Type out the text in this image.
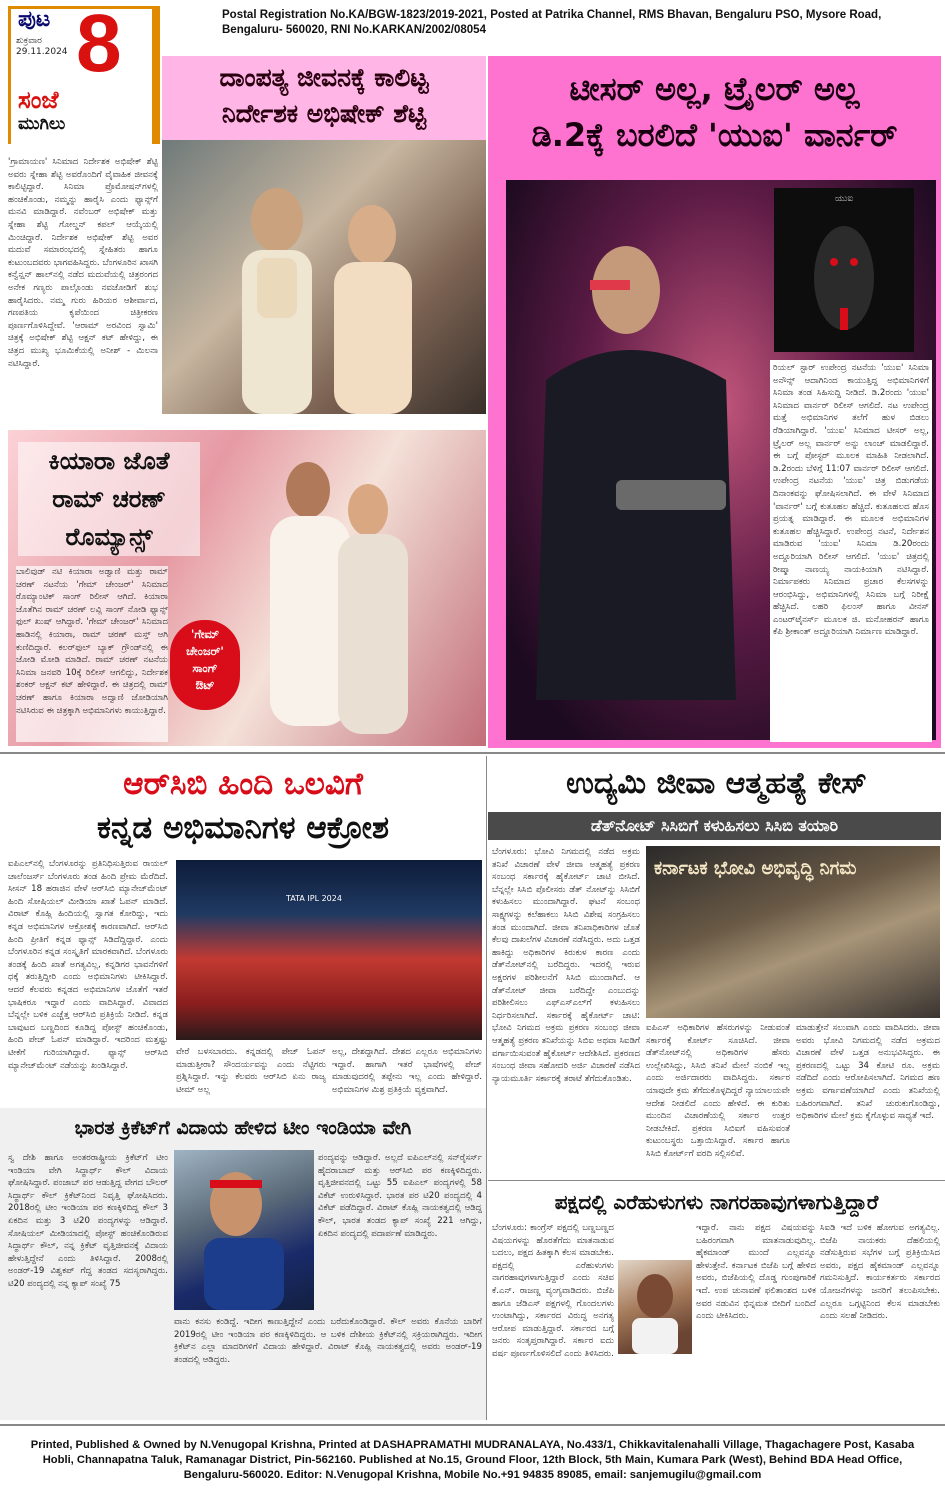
ಪುಟ
ಶುಕ್ರವಾರ
29.11.2024 8
ಸಂಜೆ
ಮುಗಿಲು
Postal Registration No.KA/BGW-1823/2019-2021, Posted at Patrika Channel, RMS Bhavan, Bengaluru PSO, Mysore Road, Bengaluru- 560020, RNI No.KARKAN/2002/08054
ದಾಂಪತ್ಯ ಜೀವನಕ್ಕೆ ಕಾಲಿಟ್ಟ
ನಿರ್ದೇಶಕ ಅಭಿಷೇಕ್ ಶೆಟ್ಟಿ
'ಗ್ರಾಮಾಯಣ' ಸಿನಿಮಾದ ನಿರ್ದೇಶಕ ಅಭಿಷೇಕ್ ಶೆಟ್ಟಿ ಅವರು ಸ್ನೇಹಾ ಶೆಟ್ಟಿ ಅವರೊಂದಿಗೆ ವೈವಾಹಿಕ ಜೀವನಕ್ಕೆ ಕಾಲಿಟ್ಟಿದ್ದಾರೆ. ಸಿನಿಮಾ ಪ್ರೊಮೋಷನ್‌ಗಳಲ್ಲಿ ಹಂಚಿಕೊಂಡು, ನಮ್ಮನ್ನು ಹಾರೈಸಿ ಎಂದು ಫ್ಯಾನ್ಸ್‌ಗೆ ಮನವಿ ಮಾಡಿದ್ದಾರೆ. ನವೆಂಬರ್ ಅಭಿಷೇಕ್ ಮತ್ತು ಸ್ನೇಹಾ ಶೆಟ್ಟಿ ಗೋಲ್ಡನ್ ಕಪಲ್ ಆಯ್ಕೆಯಲ್ಲಿ ಮಿಂಚಿದ್ದಾರೆ. ನಿರ್ದೇಶಕ ಅಭಿಷೇಕ್ ಶೆಟ್ಟಿ ಅವರ ಮದುವೆ ಸಮಾರಂಭದಲ್ಲಿ ಸ್ನೇಹಿತರು ಹಾಗೂ ಕುಟುಂಬದವರು ಭಾಗವಹಿಸಿದ್ದರು. ಬೆಂಗಳೂರಿನ ಖಾಸಗಿ ಕನ್ವೆನ್ಷನ್ ಹಾಲ್‌ನಲ್ಲಿ ನಡೆದ ಮದುವೆಯಲ್ಲಿ ಚಿತ್ರರಂಗದ ಅನೇಕ ಗಣ್ಯರು ಪಾಲ್ಗೊಂಡು ನವಜೋಡಿಗೆ ಶುಭ ಹಾರೈಸಿದರು. ನಮ್ಮ ಗುರು ಹಿರಿಯರ ಆಶೀರ್ವಾದ, ಗಣಪತಿಯ ಕೃಪೆಯಿಂದ ಚಿತ್ರೀಕರಣ ಪೂರ್ಣಗೊಳಿಸಿದ್ದೇವೆ. 'ಆರಾಮ್ ಅರವಿಂದ ಸ್ವಾಮಿ' ಚಿತ್ರಕ್ಕೆ ಅಭಿಷೇಕ್ ಶೆಟ್ಟಿ ಆಕ್ಷನ್ ಕಟ್ ಹೇಳಿದ್ದು, ಈ ಚಿತ್ರದ ಮುಖ್ಯ ಭೂಮಿಕೆಯಲ್ಲಿ ಅನೀಶ್ - ಮಿಲನಾ ನಟಿಸಿದ್ದಾರೆ.
ಕಿಯಾರಾ ಜೊತೆ
ರಾಮ್ ಚರಣ್
ರೊಮ್ಯಾನ್ಸ್
'ಗೇಮ್
ಚೇಂಜರ್'
ಸಾಂಗ್
ಔಟ್
ಬಾಲಿವುಡ್ ನಟಿ ಕಿಯಾರಾ ಅಡ್ವಾಣಿ ಮತ್ತು ರಾಮ್ ಚರಣ್ ನಟನೆಯ 'ಗೇಮ್ ಚೇಂಜರ್' ಸಿನಿಮಾದ ರೊಮ್ಯಾಂಟಿಕ್ ಸಾಂಗ್ ರಿಲೀಸ್ ಆಗಿದೆ. ಕಿಯಾರಾ ಜೊತೆಗಿನ ರಾಮ್ ಚರಣ್ ಲವ್ಲಿ ಸಾಂಗ್ ನೋಡಿ ಫ್ಯಾನ್ಸ್ ಫುಲ್ ಖುಷ್ ಆಗಿದ್ದಾರೆ. 'ಗೇಮ್ ಚೇಂಜರ್' ಸಿನಿಮಾದ ಹಾಡಿನಲ್ಲಿ ಕಿಯಾರಾ, ರಾಮ್ ಚರಣ್ ಮಸ್ತ್ ಆಗಿ ಕುಣಿದಿದ್ದಾರೆ. ಕಲರ್‌ಫುಲ್ ಬ್ಯಾಕ್ ಗ್ರೌಂಡ್‌ನಲ್ಲಿ ಈ ಜೋಡಿ ಮೋಡಿ ಮಾಡಿದೆ. ರಾಮ್ ಚರಣ್ ನಟನೆಯ ಸಿನಿಮಾ ಜನವರಿ 10ಕ್ಕೆ ರಿಲೀಸ್ ಆಗಲಿದ್ದು, ನಿರ್ದೇಶಕ ಶಂಕರ್ ಆಕ್ಷನ್ ಕಟ್ ಹೇಳಿದ್ದಾರೆ. ಈ ಚಿತ್ರದಲ್ಲಿ ರಾಮ್ ಚರಣ್ ಹಾಗೂ ಕಿಯಾರಾ ಅದ್ವಾಣಿ ಜೋಡಿಯಾಗಿ ನಟಿಸಿರುವ ಈ ಚಿತ್ರಕ್ಕಾಗಿ ಅಭಿಮಾನಿಗಳು ಕಾಯುತ್ತಿದ್ದಾರೆ.
ಟೀಸರ್ ಅಲ್ಲ, ಟ್ರೈಲರ್ ಅಲ್ಲ
ಡಿ.2ಕ್ಕೆ ಬರಲಿದೆ 'ಯುಐ' ವಾರ್ನರ್
ಯುಐ
ರಿಯಲ್ ಸ್ಟಾರ್ ಉಪೇಂದ್ರ ನಟನೆಯ 'ಯುಐ' ಸಿನಿಮಾ ಅನೌನ್ಸ್ ಆದಾಗಿನಿಂದ ಕಾಯುತ್ತಿದ್ದ ಅಭಿಮಾನಿಗಳಿಗೆ ಸಿನಿಮಾ ತಂಡ ಸಿಹಿಸುದ್ದಿ ನೀಡಿದೆ. ಡಿ.2ರಂದು 'ಯುಐ' ಸಿನಿಮಾದ ವಾರ್ನರ್ ರಿಲೀಸ್ ಆಗಲಿದೆ. ನಟ ಉಪೇಂದ್ರ ಮತ್ತೆ ಅಭಿಮಾನಿಗಳ ತಲೆಗೆ ಹುಳ ಬಿಡಲು ರೆಡಿಯಾಗಿದ್ದಾರೆ. 'ಯುಐ' ಸಿನಿಮಾದ ಟೀಸರ್ ಅಲ್ಲ, ಟ್ರೈಲರ್ ಅಲ್ಲ ವಾರ್ನರ್ ಅನ್ನು ಲಾಂಚ್ ಮಾಡಲಿದ್ದಾರೆ. ಈ ಬಗ್ಗೆ ಪೋಸ್ಟರ್ ಮೂಲಕ ಮಾಹಿತಿ ನೀಡಲಾಗಿದೆ. ಡಿ.2ರಂದು ಬೆಳಿಗ್ಗೆ 11:07 ವಾರ್ನರ್ ರಿಲೀಸ್ ಆಗಲಿದೆ. ಉಪೇಂದ್ರ ನಟನೆಯ 'ಯುಐ' ಚಿತ್ರ ಬಿಡುಗಡೆಯ ದಿನಾಂಕವನ್ನು ಘೋಷಿಸಲಾಗಿದೆ. ಈ ವೇಳೆ ಸಿನಿಮಾದ 'ವಾರ್ನರ್' ಬಗ್ಗೆ ಕುತೂಹಲ ಹೆಚ್ಚಿದೆ. ಕುತೂಹಲದ ಹೊಸ ಪ್ರಯತ್ನ ಮಾಡಿದ್ದಾರೆ. ಈ ಮೂಲಕ ಅಭಿಮಾನಿಗಳ ಕುತೂಹಲ ಹೆಚ್ಚಿಸಿದ್ದಾರೆ. ಉಪೇಂದ್ರ ನಟನೆ, ನಿರ್ದೇಶನ ಮಾಡಿರುವ 'ಯುಐ' ಸಿನಿಮಾ ಡಿ.20ರಂದು ಅದ್ದೂರಿಯಾಗಿ ರಿಲೀಸ್ ಆಗಲಿದೆ. 'ಯುಐ' ಚಿತ್ರದಲ್ಲಿ ರೀಷ್ಮಾ ನಾಣಯ್ಯ ನಾಯಕಿಯಾಗಿ ನಟಿಸಿದ್ದಾರೆ. ನಿರ್ಮಾಪಕರು ಸಿನಿಮಾದ ಪ್ರಚಾರ ಕೆಲಸಗಳನ್ನು ಆರಂಭಿಸಿದ್ದು, ಅಭಿಮಾನಿಗಳಲ್ಲಿ ಸಿನಿಮಾ ಬಗ್ಗೆ ನಿರೀಕ್ಷೆ ಹೆಚ್ಚಿಸಿದೆ. ಲಹರಿ ಫಿಲಂಸ್ ಹಾಗೂ ವೀನಸ್ ಎಂಟರ್‌ಟೈನರ್ಸ್ ಮೂಲಕ ಜಿ. ಮನೋಹರನ್ ಹಾಗೂ ಕೆಪಿ ಶ್ರೀಕಾಂತ್ ಅದ್ದೂರಿಯಾಗಿ ನಿರ್ಮಾಣ ಮಾಡಿದ್ದಾರೆ.
ಆರ್‌ಸಿಬಿ ಹಿಂದಿ ಒಲವಿಗೆ
ಕನ್ನಡ ಅಭಿಮಾನಿಗಳ ಆಕ್ರೋಶ
ಐಪಿಎಲ್‌ನಲ್ಲಿ ಬೆಂಗಳೂರನ್ನು ಪ್ರತಿನಿಧಿಸುತ್ತಿರುವ ರಾಯಲ್ ಚಾಲೆಂಜರ್ಸ್ ಬೆಂಗಳೂರು ತಂಡ ಹಿಂದಿ ಪ್ರೇಮ ಮೆರೆದಿದೆ. ಸೀಸನ್ 18 ಹರಾಜಿನ ವೇಳೆ ಆರ್‌ಸಿಬಿ ಮ್ಯಾನೇಜ್‌ಮೆಂಟ್ ಹಿಂದಿ ಸೋಷಿಯಲ್ ಮೀಡಿಯಾ ಖಾತೆ ಓಪನ್ ಮಾಡಿದೆ. ವಿರಾಟ್ ಕೊಹ್ಲಿ ಹಿಂದಿಯಲ್ಲಿ ಸ್ವಾಗತ ಕೋರಿದ್ದು, ಇದು ಕನ್ನಡ ಅಭಿಮಾನಿಗಳ ಆಕ್ರೋಶಕ್ಕೆ ಕಾರಣವಾಗಿದೆ. ಆರ್‌ಸಿಬಿ ಹಿಂದಿ ಪ್ರೀತಿಗೆ ಕನ್ನಡ ಫ್ಯಾನ್ಸ್ ಸಿಡಿದೆದ್ದಿದ್ದಾರೆ. ಎಂದು ಬೆಂಗಳೂರಿನ ಕನ್ನಡ ಸಂಸ್ಕೃತಿಗೆ ಮಾರಕವಾಗಿದೆ. ಬೆಂಗಳೂರು ತಂಡಕ್ಕೆ ಹಿಂದಿ ಖಾತೆ ಅಗತ್ಯವಿಲ್ಲ, ಕನ್ನಡಿಗರ ಭಾವನೆಗಳಿಗೆ ಧಕ್ಕೆ ತರುತ್ತಿದ್ದೀರಿ ಎಂದು ಅಭಿಮಾನಿಗಳು ಟೀಕಿಸಿದ್ದಾರೆ. ಆದರೆ ಕೆಲವರು ಕನ್ನಡದ ಅಭಿಮಾನಿಗಳ ಜೊತೆಗೆ ಇತರೆ ಭಾಷಿಕರೂ ಇದ್ದಾರೆ ಎಂದು ವಾದಿಸಿದ್ದಾರೆ. ವಿವಾದದ ಬೆನ್ನಲ್ಲೇ ಬಳಿಕ ಎಚ್ಚೆತ್ತ ಆರ್‌ಸಿಬಿ ಪ್ರತಿಕ್ರಿಯೆ ನೀಡಿದೆ. ಕನ್ನಡ ಬಾವುಟದ ಬಣ್ಣದಿಂದ ಕೂಡಿದ್ದ ಪೋಸ್ಟ್ ಹಂಚಿಕೊಂಡು, ಹಿಂದಿ ಪೇಜ್ ಓಪನ್ ಮಾಡಿದ್ದಾರೆ. ಇದರಿಂದ ಮತ್ತಷ್ಟು ಟೀಕೆಗೆ ಗುರಿಯಾಗಿದ್ದಾರೆ. ಫ್ಯಾನ್ಸ್ ಆರ್‌ಸಿಬಿ ಮ್ಯಾನೇಜ್‌ಮೆಂಟ್ ನಡೆಯನ್ನು ಖಂಡಿಸಿದ್ದಾರೆ.
TATA IPL 2024
ವೇರೆ ಬಳಸಬಾರದು. ಕನ್ನಡದಲ್ಲಿ ಪೇಜ್ ಓಪನ್ ಮಾಡುತ್ತೀರಾ? ಸೌಂದರ್ಯವನ್ನು ಎಂದು ನೆಟ್ಟಿಗರು ಪ್ರಶ್ನಿಸಿದ್ದಾರೆ. ಇನ್ನು ಕೆಲವರು ಆರ್‌ಸಿಬಿ ಏನು ರಾಜ್ಯ ಟೀಮ್ ಅಲ್ಲ
ಅಲ್ಲ, ದೇಶದ್ದಾಗಿದೆ. ದೇಶದ ಎಲ್ಲರೂ ಅಭಿಮಾನಿಗಳು ಇದ್ದಾರೆ. ಹಾಗಾಗಿ ಇತರೆ ಭಾಷೆಗಳಲ್ಲಿ ಪೇಜ್ ಮಾಡುವುದರಲ್ಲಿ ತಪ್ಪೇನು ಇಲ್ಲ ಎಂದು ಹೇಳಿದ್ದಾರೆ. ಅಭಿಮಾನಿಗಳ ಮಿಶ್ರ ಪ್ರತಿಕ್ರಿಯೆ ವ್ಯಕ್ತವಾಗಿದೆ.
ಉದ್ಯಮಿ ಜೀವಾ ಆತ್ಮಹತ್ಯೆ ಕೇಸ್
ಡೆತ್‌ನೋಟ್ ಸಿಸಿಬಿಗೆ ಕಳುಹಿಸಲು ಸಿಸಿಬಿ ತಯಾರಿ
ಬೆಂಗಳೂರು: ಭೋವಿ ನಿಗಮದಲ್ಲಿ ನಡೆದ ಅಕ್ರಮ ತನಿಖೆ ವಿಚಾರಣೆ ವೇಳೆ ಜೀವಾ ಆತ್ಮಹತ್ಯೆ ಪ್ರಕರಣ ಸಂಬಂಧ ಸರ್ಕಾರಕ್ಕೆ ಹೈಕೋರ್ಟ್ ಚಾಟಿ ಬೀಸಿದೆ. ಬೆನ್ನಲ್ಲೇ ಸಿಸಿಬಿ ಪೊಲೀಸರು ಡೆತ್ ನೋಟ್‌ನ್ನು ಸಿಸಿಬಿಗೆ ಕಳುಹಿಸಲು ಮುಂದಾಗಿದ್ದಾರೆ. ಘಟನೆ ಸಂಬಂಧ ಸಾಕ್ಷ್ಯಗಳನ್ನು ಕಲೆಹಾಕಲು ಸಿಸಿಬಿ ವಿಶೇಷ ಸಂಗ್ರಹಿಸಲು ತಂಡ ಮುಂದಾಗಿದೆ. ಜೀವಾ ತನಿಖಾಧಿಕಾರಿಗಳ ಜೊತೆ ಕೆಲವು ದಾಖಲೆಗಳ ವಿಚಾರಣೆ ನಡೆಸಿದ್ದರು. ಅದು ಒತ್ತಡ ಹಾಕಿದ್ದು ಅಧಿಕಾರಿಗಳ ಕಿರುಕುಳ ಕಾರಣ ಎಂದು ಡೆತ್‌ನೋಟ್‌ನಲ್ಲಿ ಬರೆದಿದ್ದರು. ಇದರಲ್ಲಿ ಇರುವ ಅಕ್ಷರಗಳ ಪರಿಶೀಲನೆಗೆ ಸಿಸಿಬಿ ಮುಂದಾಗಿದೆ. ಆ ಡೆತ್‌ನೋಟ್ ಜೀವಾ ಬರೆದಿದ್ದೇ ಎಂಬುದನ್ನು ಪರಿಶೀಲಿಸಲು ಎಫ್‌ಎಸ್‌ಎಲ್‌ಗೆ ಕಳುಹಿಸಲು ನಿರ್ಧರಿಸಲಾಗಿದೆ. ಸರ್ಕಾರಕ್ಕೆ ಹೈಕೋರ್ಟ್ ಚಾಟಿ: ಭೋವಿ ನಿಗಮದ ಅಕ್ರಮ ಪ್ರಕರಣ ಸಂಬಂಧ ಜೀವಾ ಆತ್ಮಹತ್ಯೆ ಪ್ರಕರಣ ತನಿಖೆಯನ್ನು ಸಿಬಿಐ ಅಥವಾ ಸಿಐಡಿಗೆ ವರ್ಗಾಯಿಸುವಂತೆ ಹೈಕೋರ್ಟ್ ಆದೇಶಿಸಿದೆ. ಪ್ರಕರಣದ ಸಂಬಂಧ ಜೀವಾ ಸಹೋದರಿ ಅರ್ಜಿ ವಿಚಾರಣೆ ನಡೆಸಿದ ನ್ಯಾಯಮೂರ್ತಿ ಸರ್ಕಾರಕ್ಕೆ ತರಾಟೆ ತೆಗೆದುಕೊಂಡಿತು.
ಕರ್ನಾಟಕ ಭೋವಿ ಅಭಿವೃದ್ಧಿ ನಿಗಮ
ಐಪಿಎಸ್ ಅಧಿಕಾರಿಗಳ ಹೆಸರುಗಳನ್ನು ನೀಡುವಂತೆ ಸರ್ಕಾರಕ್ಕೆ ಕೋರ್ಟ್ ಸೂಚಿಸಿದೆ. ಜೀವಾ ಡೆತ್‌ನೋಟ್‌ನಲ್ಲಿ ಅಧಿಕಾರಿಗಳ ಹೆಸರು ಉಲ್ಲೇಖಿಸಿದ್ದು, ಸಿಸಿಬಿ ತನಿಖೆ ಮೇಲೆ ನಂಬಿಕೆ ಇಲ್ಲ ಎಂದು ಅರ್ಜಿದಾರರು ವಾದಿಸಿದ್ದರು. ಸರ್ಕಾರ ಯಾವುದೇ ಕ್ರಮ ತೆಗೆದುಕೊಳ್ಳದಿದ್ದರೆ ನ್ಯಾಯಾಲಯವೇ ಆದೇಶ ನೀಡಲಿದೆ ಎಂದು ಹೇಳಿದೆ. ಈ ಕುರಿತು ಮುಂದಿನ ವಿಚಾರಣೆಯಲ್ಲಿ ಸರ್ಕಾರ ಉತ್ತರ ನೀಡಬೇಕಿದೆ. ಪ್ರಕರಣ ಸಿಬಿಐಗೆ ವಹಿಸುವಂತೆ ಕುಟುಂಬಸ್ಥರು ಒತ್ತಾಯಿಸಿದ್ದಾರೆ. ಸರ್ಕಾರ ಹಾಗೂ ಸಿಸಿಬಿ ಕೋರ್ಟ್‌ಗೆ ವರದಿ ಸಲ್ಲಿಸಲಿವೆ.
ಮಾಡುತ್ತೇನೆ ಸಲುವಾಗಿ ಎಂದು ವಾದಿಸಿದರು. ಜೀವಾ ಅವರು ಭೋವಿ ನಿಗಮದಲ್ಲಿ ನಡೆದ ಅಕ್ರಮದ ವಿಚಾರಣೆ ವೇಳೆ ಒತ್ತಡ ಅನುಭವಿಸಿದ್ದರು. ಈ ಪ್ರಕರಣದಲ್ಲಿ ಒಟ್ಟು 34 ಕೋಟಿ ರೂ. ಅಕ್ರಮ ನಡೆದಿದೆ ಎಂದು ಆರೋಪಿಸಲಾಗಿದೆ. ನಿಗಮದ ಹಣ ಅಕ್ರಮ ವರ್ಗಾವಣೆಯಾಗಿದೆ ಎಂದು ತನಿಖೆಯಲ್ಲಿ ಬಹಿರಂಗವಾಗಿದೆ. ತನಿಖೆ ಚುರುಕುಗೊಂಡಿದ್ದು, ಅಧಿಕಾರಿಗಳ ಮೇಲೆ ಕ್ರಮ ಕೈಗೊಳ್ಳುವ ಸಾಧ್ಯತೆ ಇದೆ.
ಭಾರತ ಕ್ರಿಕೆಟ್‌ಗೆ ವಿದಾಯ ಹೇಳಿದ ಟೀಂ ಇಂಡಿಯಾ ವೇಗಿ
ಸ್ವ ದೇಶಿ ಹಾಗೂ ಅಂತರರಾಷ್ಟ್ರೀಯ ಕ್ರಿಕೆಟ್‌ಗೆ ಟೀಂ ಇಂಡಿಯಾ ವೇಗಿ ಸಿದ್ಧಾರ್ಥ್ ಕೌಲ್ ವಿದಾಯ ಘೋಷಿಸಿದ್ದಾರೆ. ಪಂಜಾಬ್ ಪರ ಆಡುತ್ತಿದ್ದ ವೇಗದ ಬೌಲರ್ ಸಿದ್ಧಾರ್ಥ್ ಕೌಲ್ ಕ್ರಿಕೆಟ್‌ನಿಂದ ನಿವೃತ್ತಿ ಘೋಷಿಸಿದರು. 2018ರಲ್ಲಿ ಟೀಂ ಇಂಡಿಯಾ ಪರ ಕಣಕ್ಕಿಳಿದಿದ್ದ ಕೌಲ್ 3 ಏಕದಿನ ಮತ್ತು 3 ಟಿ20 ಪಂದ್ಯಗಳನ್ನು ಆಡಿದ್ದಾರೆ. ಸೋಷಿಯಲ್ ಮೀಡಿಯಾದಲ್ಲಿ ಪೋಸ್ಟ್ ಹಂಚಿಕೊಂಡಿರುವ ಸಿದ್ಧಾರ್ಥ್ ಕೌಲ್, ನನ್ನ ಕ್ರಿಕೆಟ್ ವೃತ್ತಿಜೀವನಕ್ಕೆ ವಿದಾಯ ಹೇಳುತ್ತಿದ್ದೇನೆ ಎಂದು ತಿಳಿಸಿದ್ದಾರೆ. 2008ರಲ್ಲಿ ಅಂಡರ್-19 ವಿಶ್ವಕಪ್ ಗೆದ್ದ ತಂಡದ ಸದಸ್ಯರಾಗಿದ್ದರು. ಟಿ20 ಪಂದ್ಯದಲ್ಲಿ ನನ್ನ ಕ್ಯಾಪ್ ಸಂಖ್ಯೆ 75
ಪಂದ್ಯವನ್ನು ಆಡಿದ್ದಾರೆ. ಅಲ್ಲದೆ ಐಪಿಎಲ್‌ನಲ್ಲಿ ಸನ್‌ರೈಸರ್ಸ್ ಹೈದರಾಬಾದ್ ಮತ್ತು ಆರ್‌ಸಿಬಿ ಪರ ಕಣಕ್ಕಿಳಿದಿದ್ದರು. ವೃತ್ತಿಜೀವನದಲ್ಲಿ ಒಟ್ಟು 55 ಐಪಿಎಲ್ ಪಂದ್ಯಗಳಲ್ಲಿ 58 ವಿಕೆಟ್ ಉರುಳಿಸಿದ್ದಾರೆ. ಭಾರತ ಪರ ಟಿ20 ಪಂದ್ಯದಲ್ಲಿ 4 ವಿಕೆಟ್ ಪಡೆದಿದ್ದಾರೆ. ವಿರಾಟ್ ಕೊಹ್ಲಿ ನಾಯಕತ್ವದಲ್ಲಿ ಆಡಿದ್ದ ಕೌಲ್, ಭಾರತ ತಂಡದ ಕ್ಯಾಪ್ ಸಂಖ್ಯೆ 221 ಆಗಿದ್ದು, ಏಕದಿನ ಪಂದ್ಯದಲ್ಲಿ ಪದಾರ್ಪಣೆ ಮಾಡಿದ್ದರು.
ವಾನು ಕನಸು ಕಂಡಿದ್ದೆ. ಇದೀಗ ಕಾಣುತ್ತಿದ್ದೇನೆ ಎಂದು ಬರೆದುಕೊಂಡಿದ್ದಾರೆ. ಕೌಲ್ ಅವರು ಕೊನೆಯ ಬಾರಿಗೆ 2019ರಲ್ಲಿ ಟೀಂ ಇಂಡಿಯಾ ಪರ ಕಣಕ್ಕಿಳಿದಿದ್ದರು. ಆ ಬಳಿಕ ದೇಶೀಯ ಕ್ರಿಕೆಟ್‌ನಲ್ಲಿ ಸಕ್ರಿಯರಾಗಿದ್ದರು. ಇದೀಗ ಕ್ರಿಕೆಟ್‌ನ ಎಲ್ಲಾ ಮಾದರಿಗಳಿಗೆ ವಿದಾಯ ಹೇಳಿದ್ದಾರೆ. ವಿರಾಟ್ ಕೊಹ್ಲಿ ನಾಯಕತ್ವದಲ್ಲಿ ಅವರು ಅಂಡರ್-19 ತಂಡದಲ್ಲಿ ಆಡಿದ್ದರು.
ಪಕ್ಷದಲ್ಲಿ ಎರೆಹುಳುಗಳು ನಾಗರಹಾವುಗಳಾಗುತ್ತಿದ್ದಾರೆ
ಬೆಂಗಳೂರು: ಕಾಂಗ್ರೆಸ್ ಪಕ್ಷದಲ್ಲಿ ಬಣ್ಣಬಣ್ಣದ ವಿಷಯಗಳನ್ನು ಹೊರತೆಗೆದು ಮಾತನಾಡುವ ಬದಲು, ಪಕ್ಷದ ಹಿತಕ್ಕಾಗಿ ಕೆಲಸ ಮಾಡಬೇಕು. ಪಕ್ಷದಲ್ಲಿ ಎರೆಹುಳುಗಳು ನಾಗರಹಾವುಗಳಾಗುತ್ತಿದ್ದಾರೆ ಎಂದು ಸಚಿವ ಕೆ.ಎನ್. ರಾಜಣ್ಣ ವ್ಯಂಗ್ಯವಾಡಿದರು. ಬಿಜೆಪಿ ಹಾಗೂ ಜೆಡಿಎಸ್ ಪಕ್ಷಗಳಲ್ಲಿ ಗೊಂದಲಗಳು ಉಂಟಾಗಿದ್ದು, ಸರ್ಕಾರದ ವಿರುದ್ಧ ಅನಗತ್ಯ ಆರೋಪ ಮಾಡುತ್ತಿದ್ದಾರೆ. ಸರ್ಕಾರದ ಬಗ್ಗೆ ಜನರು ಸಂತೃಪ್ತರಾಗಿದ್ದಾರೆ. ಸರ್ಕಾರ ಐದು ವರ್ಷ ಪೂರ್ಣಗೊಳಿಸಲಿದೆ ಎಂದು ತಿಳಿಸಿದರು.
ಇದ್ದಾರೆ. ನಾನು ಪಕ್ಷದ ವಿಷಯವನ್ನು ಬಹಿರಂಗವಾಗಿ ಮಾತನಾಡುವುದಿಲ್ಲ. ಹೈಕಮಾಂಡ್ ಮುಂದೆ ಎಲ್ಲವನ್ನೂ ಹೇಳುತ್ತೇನೆ. ಕರ್ನಾಟಕ ಬಿಜೆಪಿ ಬಗ್ಗೆ ಹೇಳಿದ ಅವರು, ಬಿಜೆಪಿಯಲ್ಲಿ ದೊಡ್ಡ ಗುಂಪುಗಾರಿಕೆ ಇದೆ. ಉಪ ಚುನಾವಣೆ ಫಲಿತಾಂಶದ ಬಳಿಕ ಅವರ ನಡುವಿನ ಭಿನ್ನಮತ ಬೀದಿಗೆ ಬಂದಿದೆ ಎಂದು ಟೀಕಿಸಿದರು.
ಸಿಐಡಿ ಇದೆ ಬಳಿಕ ಹೋಗುವ ಅಗತ್ಯವಿಲ್ಲ. ಬಿಜೆಪಿ ನಾಯಕರು ದೆಹಲಿಯಲ್ಲಿ ನಡೆಸುತ್ತಿರುವ ಸಭೆಗಳ ಬಗ್ಗೆ ಪ್ರತಿಕ್ರಿಯಿಸಿದ ಅವರು, ಪಕ್ಷದ ಹೈಕಮಾಂಡ್ ಎಲ್ಲವನ್ನೂ ಗಮನಿಸುತ್ತಿದೆ. ಕಾರ್ಯಕರ್ತರು ಸರ್ಕಾರದ ಯೋಜನೆಗಳನ್ನು ಜನರಿಗೆ ತಲುಪಿಸಬೇಕು. ಎಲ್ಲರೂ ಒಗ್ಗಟ್ಟಿನಿಂದ ಕೆಲಸ ಮಾಡಬೇಕು ಎಂದು ಸಲಹೆ ನೀಡಿದರು.
Printed, Published & Owned by N.Venugopal Krishna, Printed at DASHAPRAMATHI MUDRANALAYA, No.433/1, Chikkavitalenahalli Village, Thagachagere Post, Kasaba Hobli, Channapatna Taluk, Ramanagar District, Pin-562160. Published at No.15, Ground Floor, 12th Block, 5th Main, Kumara Park (West), Behind BDA Head Office, Bengaluru-560020. Editor: N.Venugopal Krishna, Mobile No.+91 94835 89085, email: sanjemugilu@gmail.com
